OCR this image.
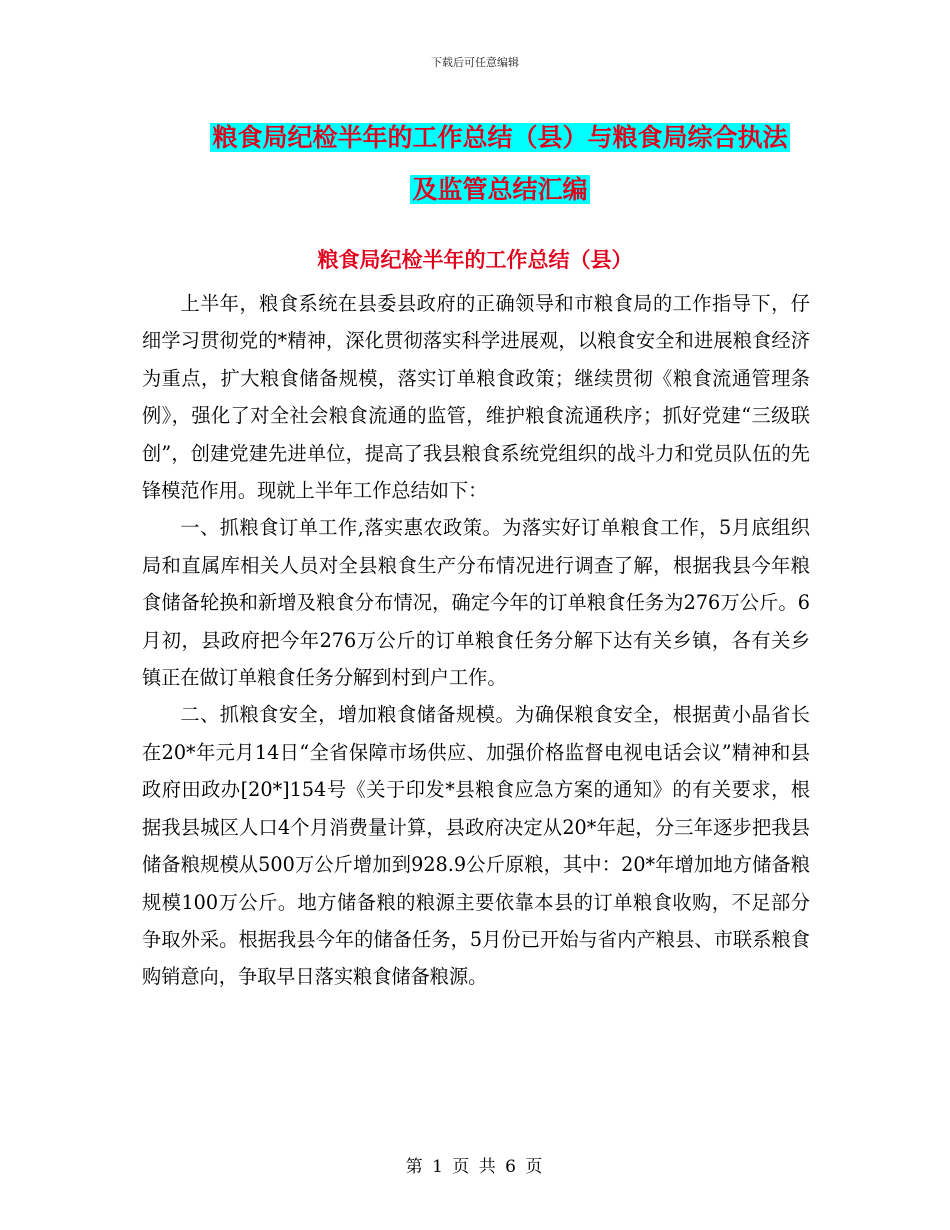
下载后可任意编辑
粮食局纪检半年的工作总结（县）与粮食局综合执法
及监管总结汇编
粮食局纪检半年的工作总结（县）

上半年，粮食系统在县委县政府的正确领导和市粮食局的工作指导下，仔细学习贯彻党的*精神，深化贯彻落实科学进展观，以粮食安全和进展粮食经济为重点，扩大粮食储备规模，落实订单粮食政策；继续贯彻《粮食流通管理条例》，强化了对全社会粮食流通的监管，维护粮食流通秩序；抓好党建“三级联创”，创建党建先进单位，提高了我县粮食系统党组织的战斗力和党员队伍的先锋模范作用。现就上半年工作总结如下：

一、抓粮食订单工作,落实惠农政策。为落实好订单粮食工作，5月底组织局和直属库相关人员对全县粮食生产分布情况进行调查了解，根据我县今年粮食储备轮换和新增及粮食分布情况，确定今年的订单粮食任务为276万公斤。6月初，县政府把今年276万公斤的订单粮食任务分解下达有关乡镇，各有关乡镇正在做订单粮食任务分解到村到户工作。

二、抓粮食安全，增加粮食储备规模。为确保粮食安全，根据黄小晶省长在20*年元月14日“全省保障市场供应、加强价格监督电视电话会议”精神和县政府田政办[20*]154号《关于印发*县粮食应急方案的通知》的有关要求，根据我县城区人口4个月消费量计算，县政府决定从20*年起，分三年逐步把我县储备粮规模从500万公斤增加到928.9公斤原粮，其中：20*年增加地方储备粮规模100万公斤。地方储备粮的粮源主要依靠本县的订单粮食收购，不足部分争取外采。根据我县今年的储备任务，5月份已开始与省内产粮县、市联系粮食购销意向，争取早日落实粮食储备粮源。

第 1 页 共 6 页
